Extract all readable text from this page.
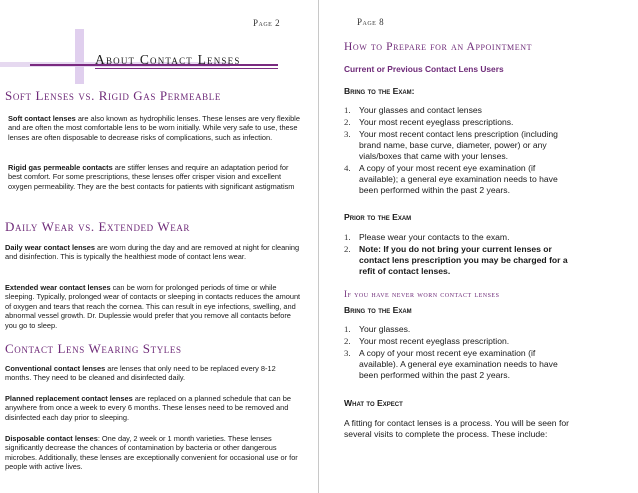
Page 2
About Contact Lenses
Soft Lenses vs. Rigid Gas Permeable

Soft contact lenses are also known as hydrophilic lenses. These lenses are very flexible and are often the most comfortable lens to be worn initially. While very safe to use, these lenses are often disposable to decrease risks of complications, such as infection.

Rigid gas permeable contacts are stiffer lenses and require an adaptation period for best comfort. For some prescriptions, these lenses offer crisper vision and excellent oxygen permeability. They are the best contacts for patients with significant astigmatism

Daily Wear vs. Extended Wear

Daily wear contact lenses are worn during the day and are removed at night for cleaning and disinfection. This is typically the healthiest mode of contact lens wear.

Extended wear contact lenses can be worn for prolonged periods of time or while sleeping. Typically, prolonged wear of contacts or sleeping in contacts reduces the amount of oxygen and tears that reach the cornea. This can result in eye infections, swelling, and abnormal vessel growth. Dr. Duplessie would prefer that you remove all contacts before you go to sleep.

Contact Lens Wearing Styles

Conventional contact lenses are lenses that only need to be replaced every 8-12 months. They need to be cleaned and disinfected daily.

Planned replacement contact lenses are replaced on a planned schedule that can be anywhere from once a week to every 6 months. These lenses need to be removed and disinfected each day prior to sleeping.

Disposable contact lenses: One day, 2 week or 1 month varieties. These lenses significantly decrease the chances of contamination by bacteria or other dangerous microbes. Additionally, these lenses are exceptionally convenient for occasional use or for people with active lives.

Page 8
How to Prepare for an Appointment
Current or Previous Contact Lens Users
Bring to the Exam:
1. Your glasses and contact lenses
2. Your most recent eyeglass prescriptions.
3. Your most recent contact lens prescription (including brand name, base curve, diameter, power) or any vials/boxes that came with your lenses.
4. A copy of your most recent eye examination (if available); a general eye examination needs to have been performed within the past 2 years.
Prior to the Exam
1. Please wear your contacts to the exam.
2. Note: If you do not bring your current lenses or contact lens prescription you may be charged for a refit of contact lenses.
If you have never worn contact lenses
Bring to the Exam
1. Your glasses.
2. Your most recent eyeglass prescription.
3. A copy of your most recent eye examination (if available). A general eye examination needs to have been performed within the past 2 years.
What to Expect

A fitting for contact lenses is a process. You will be seen for several visits to complete the process. These include:
